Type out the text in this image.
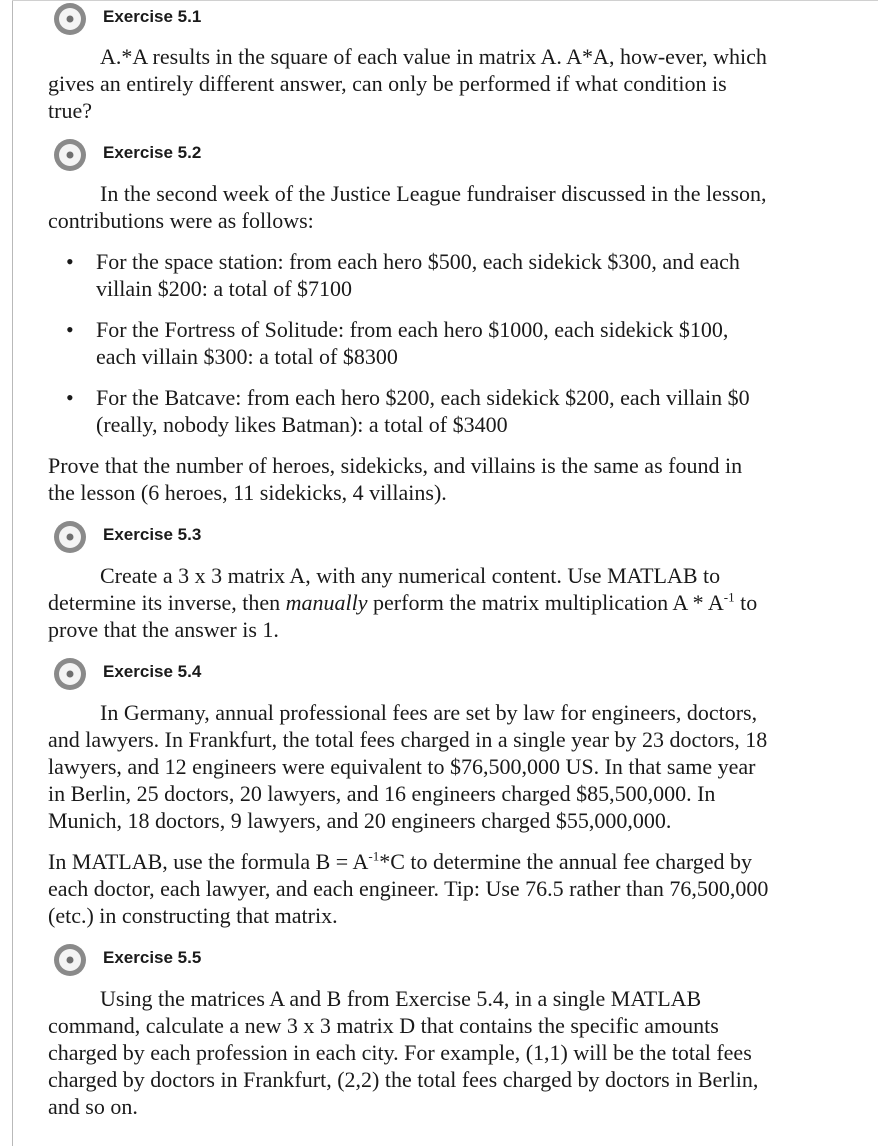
Exercise 5.1

A.*A results in the square of each value in matrix A. A*A, how-ever, which gives an entirely different answer, can only be performed if what condition is true?

Exercise 5.2

In the second week of the Justice League fundraiser discussed in the lesson, contributions were as follows:

• For the space station: from each hero $500, each sidekick $300, and each villain $200: a total of $7100
• For the Fortress of Solitude: from each hero $1000, each sidekick $100, each villain $300: a total of $8300
• For the Batcave: from each hero $200, each sidekick $200, each villain $0 (really, nobody likes Batman): a total of $3400

Prove that the number of heroes, sidekicks, and villains is the same as found in the lesson (6 heroes, 11 sidekicks, 4 villains).

Exercise 5.3

Create a 3 x 3 matrix A, with any numerical content. Use MATLAB to determine its inverse, then manually perform the matrix multiplication A * $A^{-1}$ to prove that the answer is 1.

Exercise 5.4

In Germany, annual professional fees are set by law for engineers, doctors, and lawyers. In Frankfurt, the total fees charged in a single year by 23 doctors, 18 lawyers, and 12 engineers were equivalent to $76,500,000 US. In that same year in Berlin, 25 doctors, 20 lawyers, and 16 engineers charged $85,500,000. In Munich, 18 doctors, 9 lawyers, and 20 engineers charged $55,000,000.

In MATLAB, use the formula $B = A^{-1}*C$ to determine the annual fee charged by each doctor, each lawyer, and each engineer. Tip: Use 76.5 rather than 76,500,000 (etc.) in constructing that matrix.

Exercise 5.5

Using the matrices A and B from Exercise 5.4, in a single MATLAB command, calculate a new 3 x 3 matrix D that contains the specific amounts charged by each profession in each city. For example, (1,1) will be the total fees charged by doctors in Frankfurt, (2,2) the total fees charged by doctors in Berlin, and so on.
